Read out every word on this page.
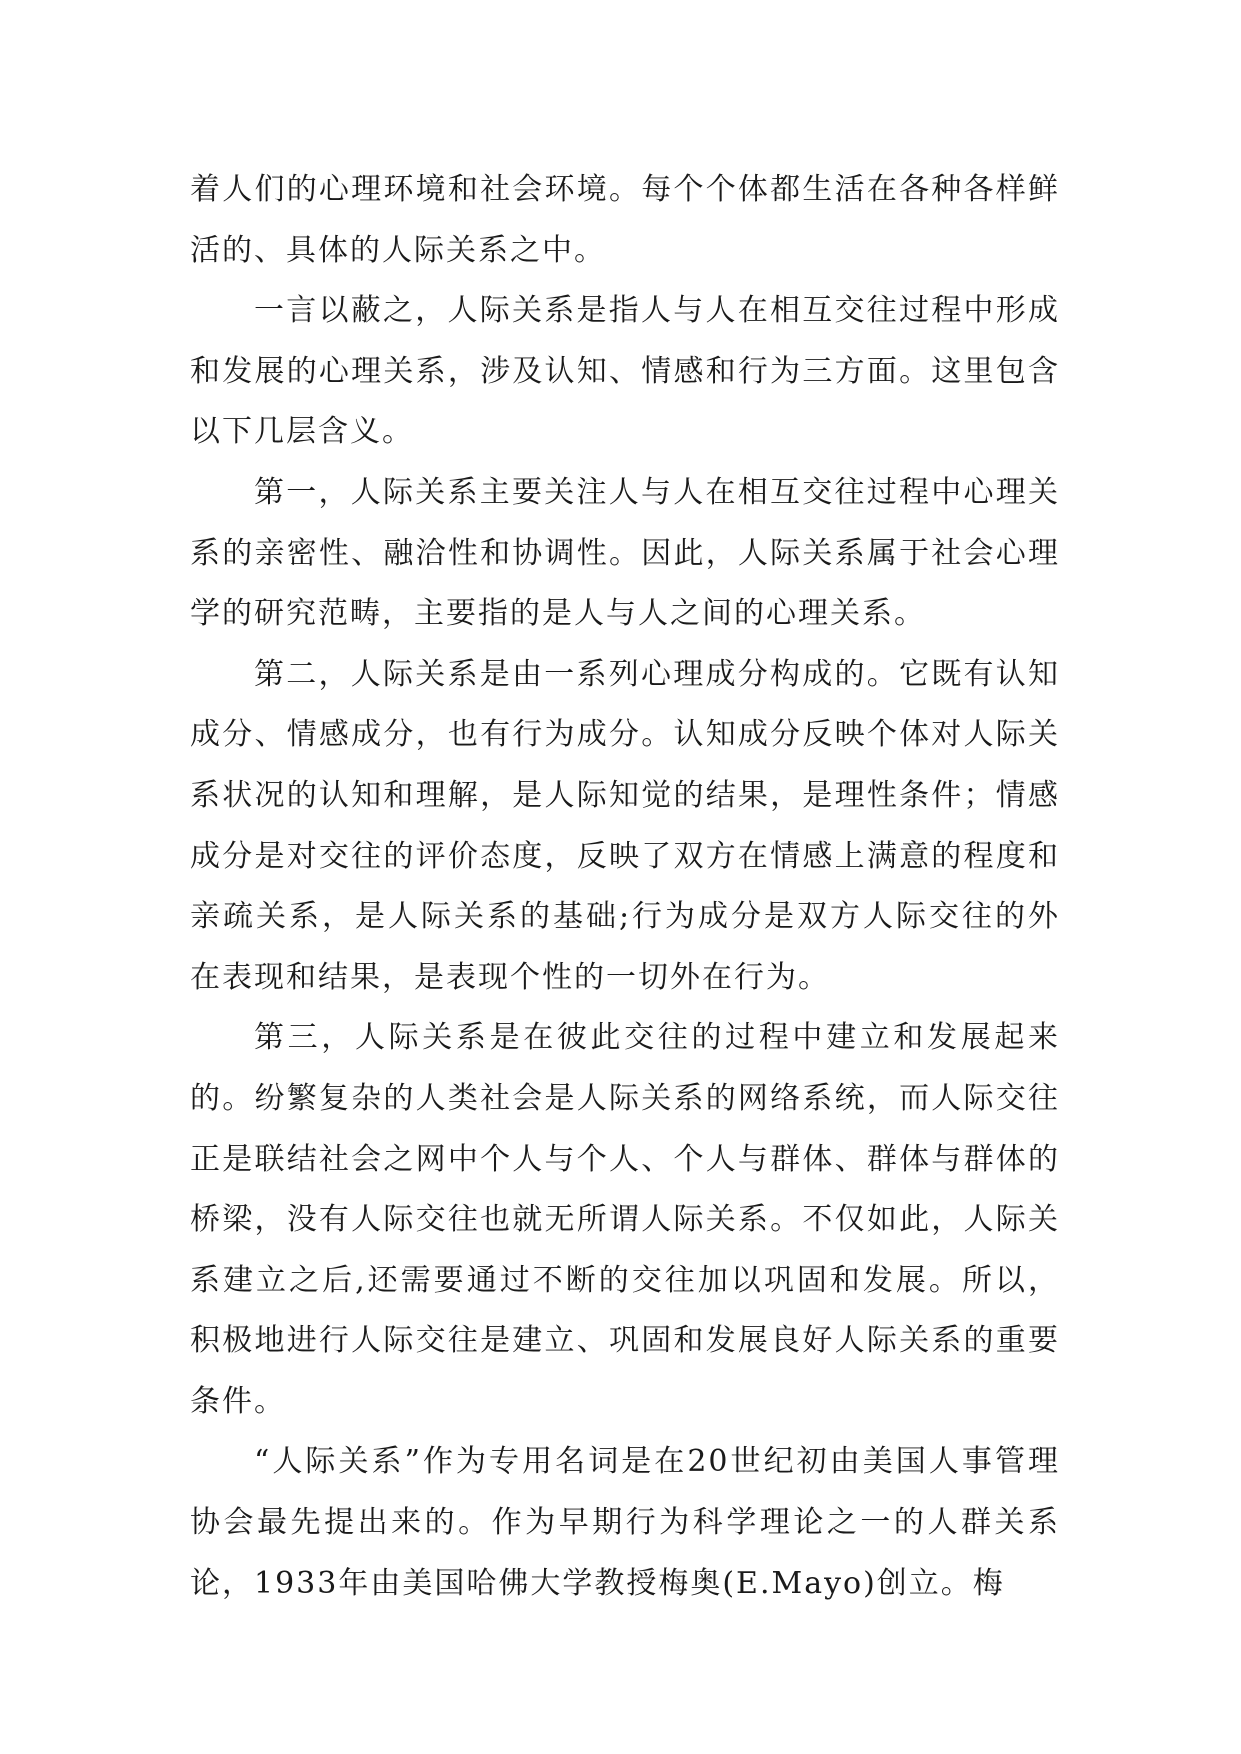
着人们的心理环境和社会环境。每个个体都生活在各种各样鲜活的、具体的人际关系之中。

一言以蔽之，人际关系是指人与人在相互交往过程中形成和发展的心理关系，涉及认知、情感和行为三方面。这里包含以下几层含义。

第一，人际关系主要关注人与人在相互交往过程中心理关系的亲密性、融洽性和协调性。因此，人际关系属于社会心理学的研究范畴，主要指的是人与人之间的心理关系。

第二，人际关系是由一系列心理成分构成的。它既有认知成分、情感成分，也有行为成分。认知成分反映个体对人际关系状况的认知和理解，是人际知觉的结果，是理性条件；情感成分是对交往的评价态度，反映了双方在情感上满意的程度和亲疏关系，是人际关系的基础;行为成分是双方人际交往的外在表现和结果，是表现个性的一切外在行为。

第三，人际关系是在彼此交往的过程中建立和发展起来的。纷繁复杂的人类社会是人际关系的网络系统，而人际交往正是联结社会之网中个人与个人、个人与群体、群体与群体的桥梁，没有人际交往也就无所谓人际关系。不仅如此，人际关系建立之后,还需要通过不断的交往加以巩固和发展。所以，积极地进行人际交往是建立、巩固和发展良好人际关系的重要条件。

“人际关系”作为专用名词是在20世纪初由美国人事管理协会最先提出来的。作为早期行为科学理论之一的人群关系论，1933年由美国哈佛大学教授梅奥(E.Mayo)创立。梅
